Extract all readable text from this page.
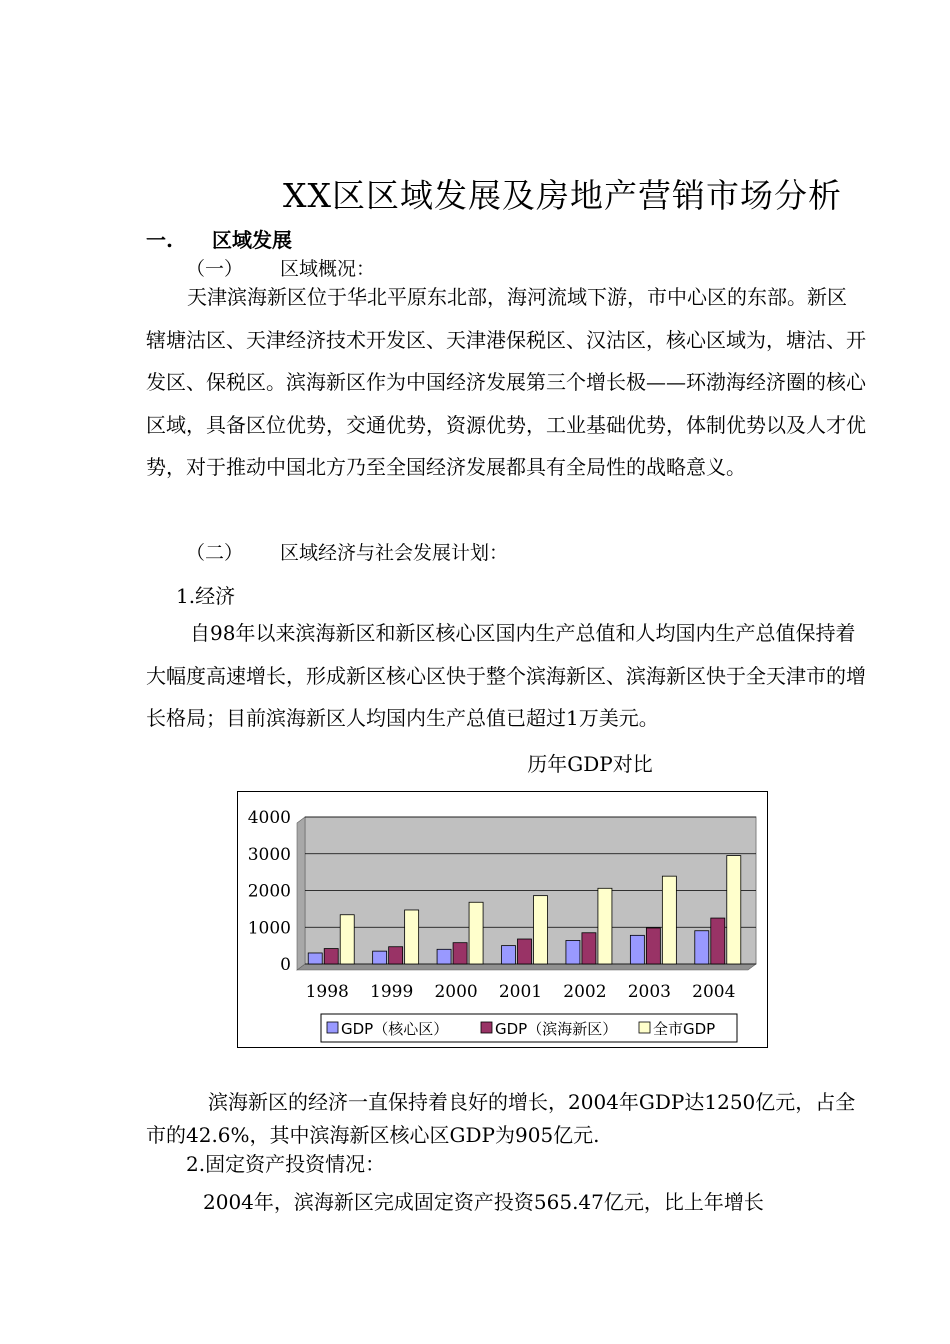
XX区区域发展及房地产营销市场分析
一. 区域发展
（一） 区域概况：
天津滨海新区位于华北平原东北部，海河流域下游，市中心区的东部。新区辖塘沽区、天津经济技术开发区、天津港保税区、汉沽区，核心区域为，塘沽、开发区、保税区。滨海新区作为中国经济发展第三个增长极——环渤海经济圈的核心区域，具备区位优势，交通优势，资源优势，工业基础优势，体制优势以及人才优势，对于推动中国北方乃至全国经济发展都具有全局性的战略意义。
（二） 区域经济与社会发展计划：
1.经济
自98年以来滨海新区和新区核心区国内生产总值和人均国内生产总值保持着大幅度高速增长，形成新区核心区快于整个滨海新区、滨海新区快于全天津市的增长格局；目前滨海新区人均国内生产总值已超过1万美元。
历年GDP对比
4000
3000
2000
1000
0
1998 1999 2000 2001 2002 2003 2004
GDP（核心区）	GDP（滨海新区） 全市GDP
滨海新区的经济一直保持着良好的增长，2004年GDP达1250亿元，占全市的42.6%，其中滨海新区核心区GDP为905亿元.
2.固定资产投资情况：
2004年，滨海新区完成固定资产投资565.47亿元，比上年增长
